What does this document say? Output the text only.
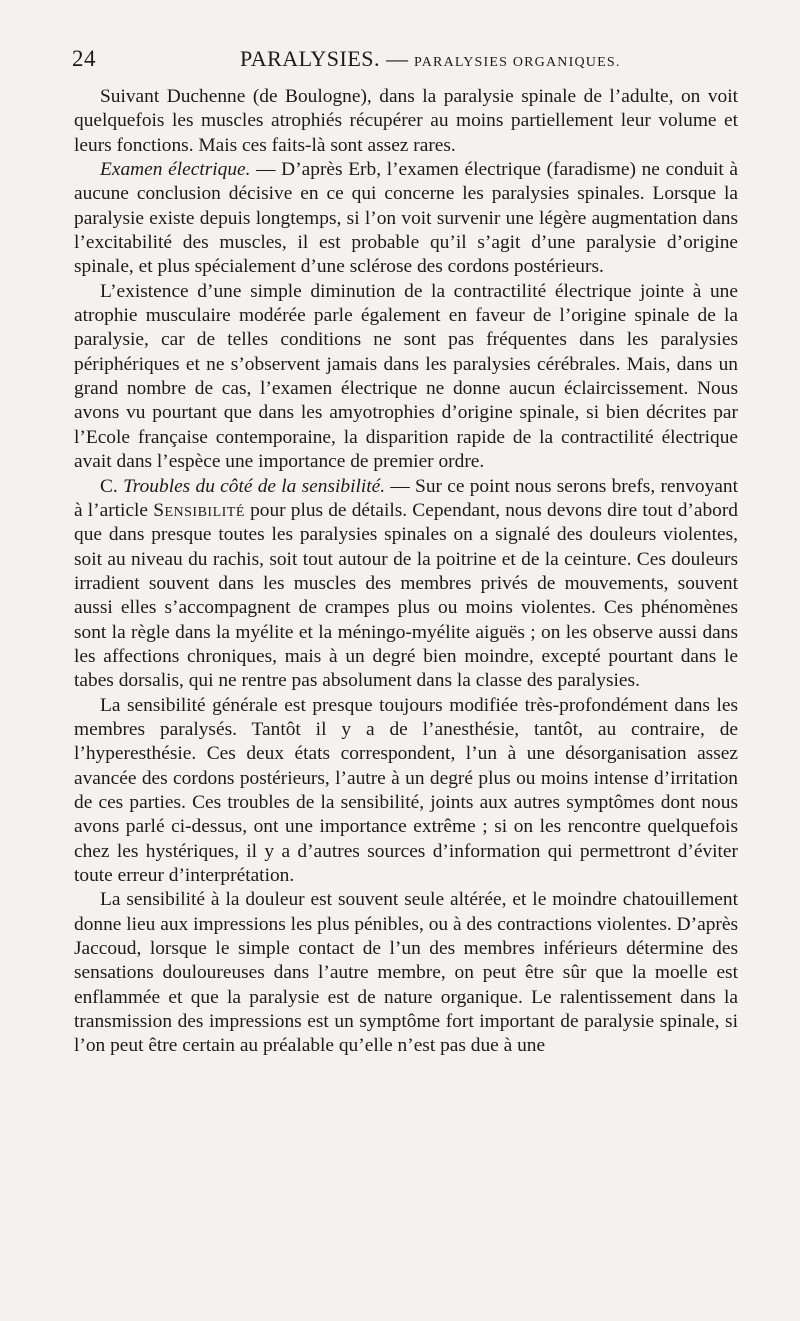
24	PARALYSIES. — PARALYSIES ORGANIQUES.

Suivant Duchenne (de Boulogne), dans la paralysie spinale de l’adulte, on voit quelquefois les muscles atrophiés récupérer au moins partiellement leur volume et leurs fonctions. Mais ces faits-là sont assez rares.

Examen électrique. — D’après Erb, l’examen électrique (faradisme) ne conduit à aucune conclusion décisive en ce qui concerne les paralysies spinales. Lorsque la paralysie existe depuis longtemps, si l’on voit survenir une légère augmentation dans l’excitabilité des muscles, il est probable qu’il s’agit d’une paralysie d’origine spinale, et plus spécialement d’une sclérose des cordons postérieurs.

L’existence d’une simple diminution de la contractilité électrique jointe à une atrophie musculaire modérée parle également en faveur de l’origine spinale de la paralysie, car de telles conditions ne sont pas fréquentes dans les paralysies périphériques et ne s’observent jamais dans les paralysies cérébrales. Mais, dans un grand nombre de cas, l’examen électrique ne donne aucun éclaircissement. Nous avons vu pourtant que dans les amyotrophies d’origine spinale, si bien décrites par l’Ecole française contemporaine, la disparition rapide de la contractilité électrique avait dans l’espèce une importance de premier ordre.

C. Troubles du côté de la sensibilité. — Sur ce point nous serons brefs, renvoyant à l’article Sensibilité pour plus de détails. Cependant, nous devons dire tout d’abord que dans presque toutes les paralysies spinales on a signalé des douleurs violentes, soit au niveau du rachis, soit tout autour de la poitrine et de la ceinture. Ces douleurs irradient souvent dans les muscles des membres privés de mouvements, souvent aussi elles s’accompagnent de crampes plus ou moins violentes. Ces phénomènes sont la règle dans la myélite et la méningo-myélite aiguës ; on les observe aussi dans les affections chroniques, mais à un degré bien moindre, excepté pourtant dans le tabes dorsalis, qui ne rentre pas absolument dans la classe des paralysies.

La sensibilité générale est presque toujours modifiée très-profondément dans les membres paralysés. Tantôt il y a de l’anesthésie, tantôt, au contraire, de l’hyperesthésie. Ces deux états correspondent, l’un à une désorganisation assez avancée des cordons postérieurs, l’autre à un degré plus ou moins intense d’irritation de ces parties. Ces troubles de la sensibilité, joints aux autres symptômes dont nous avons parlé ci-dessus, ont une importance extrême ; si on les rencontre quelquefois chez les hystériques, il y a d’autres sources d’information qui permettront d’éviter toute erreur d’interprétation.

La sensibilité à la douleur est souvent seule altérée, et le moindre chatouillement donne lieu aux impressions les plus pénibles, ou à des contractions violentes. D’après Jaccoud, lorsque le simple contact de l’un des membres inférieurs détermine des sensations douloureuses dans l’autre membre, on peut être sûr que la moelle est enflammée et que la paralysie est de nature organique. Le ralentissement dans la transmission des impressions est un symptôme fort important de paralysie spinale, si l’on peut être certain au préalable qu’elle n’est pas due à une
